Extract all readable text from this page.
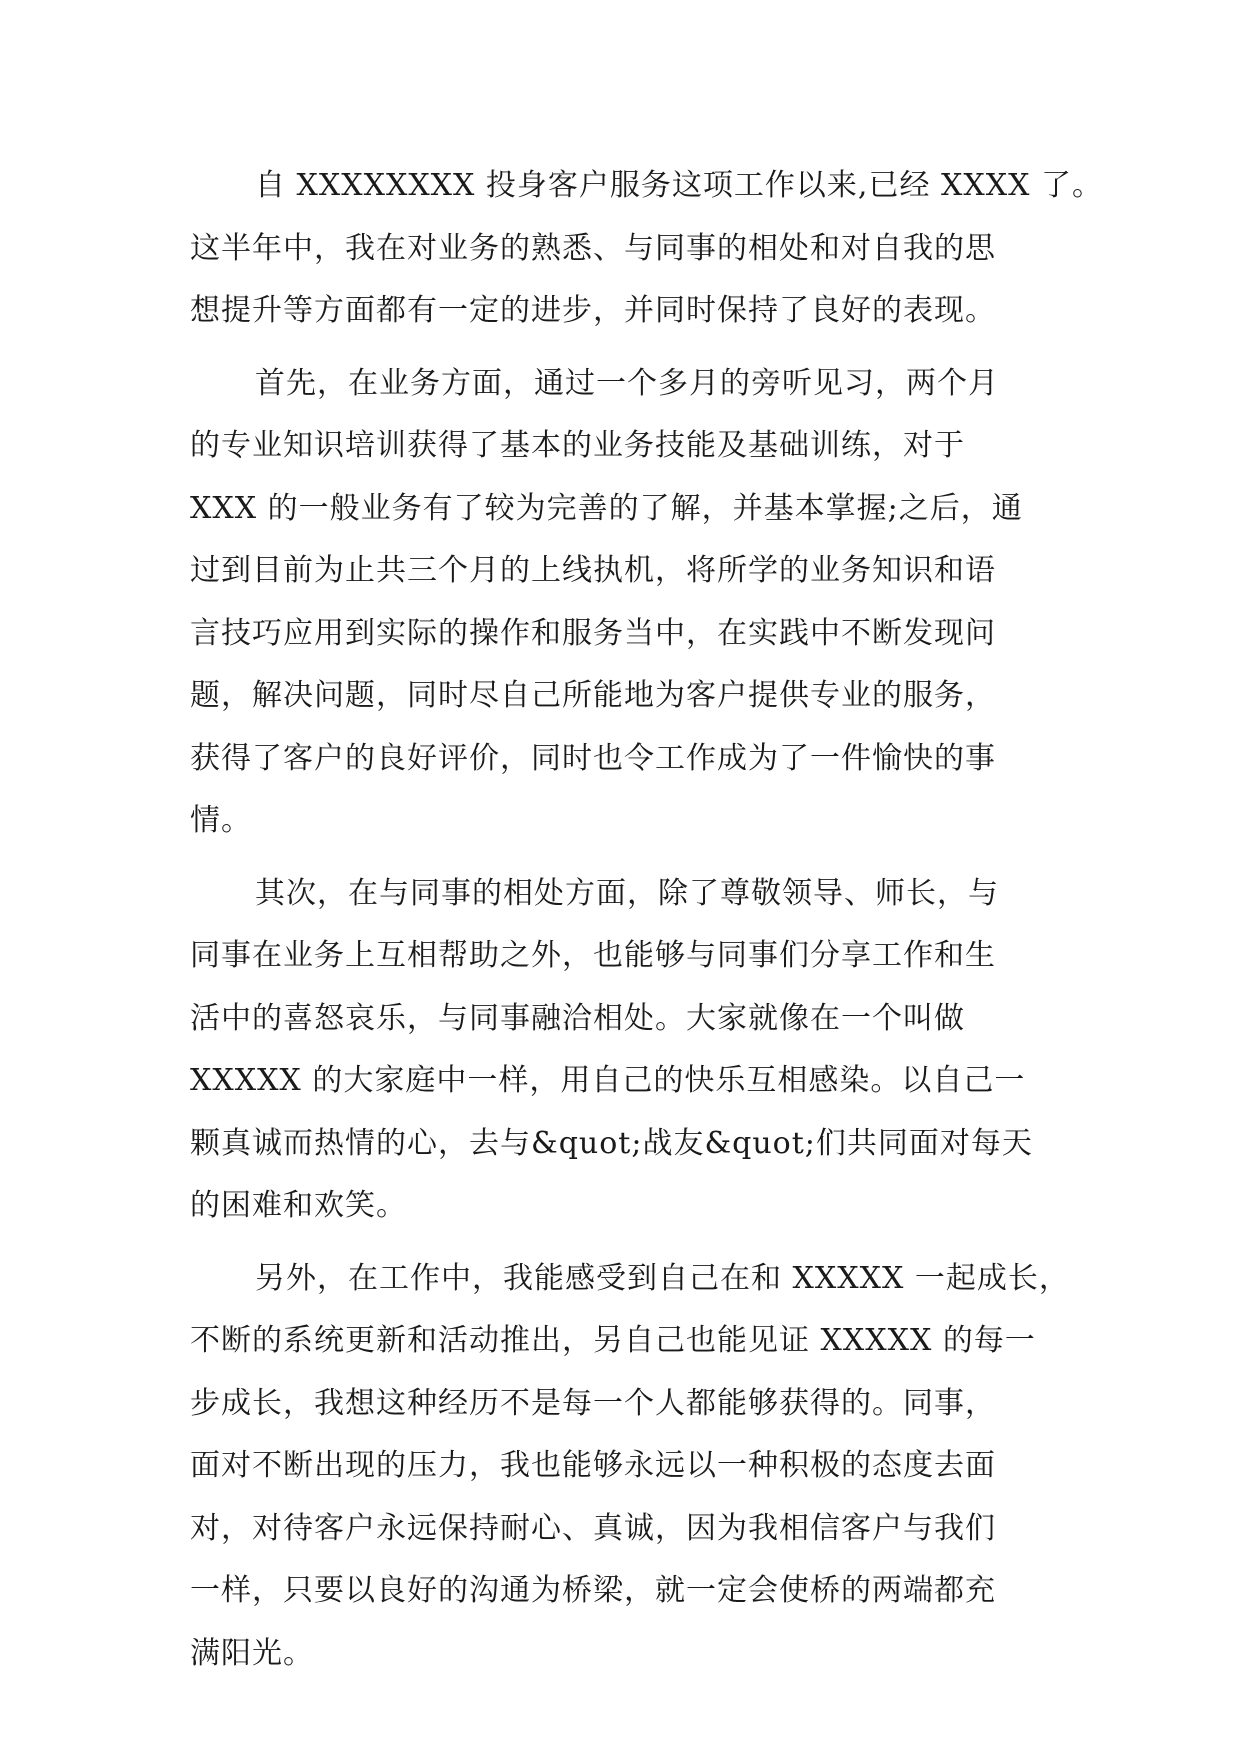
自 XXXXXXXX 投身客户服务这项工作以来,已经 XXXX 了。
这半年中，我在对业务的熟悉、与同事的相处和对自我的思
想提升等方面都有一定的进步，并同时保持了良好的表现。
首先，在业务方面，通过一个多月的旁听见习，两个月
的专业知识培训获得了基本的业务技能及基础训练，对于
XXX 的一般业务有了较为完善的了解，并基本掌握;之后，通
过到目前为止共三个月的上线执机，将所学的业务知识和语
言技巧应用到实际的操作和服务当中，在实践中不断发现问
题，解决问题，同时尽自己所能地为客户提供专业的服务，
获得了客户的良好评价，同时也令工作成为了一件愉快的事
情。
其次，在与同事的相处方面，除了尊敬领导、师长，与
同事在业务上互相帮助之外，也能够与同事们分享工作和生
活中的喜怒哀乐，与同事融洽相处。大家就像在一个叫做
XXXXX 的大家庭中一样，用自己的快乐互相感染。以自己一
颗真诚而热情的心，去与&quot;战友&quot;们共同面对每天
的困难和欢笑。
另外，在工作中，我能感受到自己在和 XXXXX 一起成长，
不断的系统更新和活动推出，另自己也能见证 XXXXX 的每一
步成长，我想这种经历不是每一个人都能够获得的。同事，
面对不断出现的压力，我也能够永远以一种积极的态度去面
对，对待客户永远保持耐心、真诚，因为我相信客户与我们
一样，只要以良好的沟通为桥梁，就一定会使桥的两端都充
满阳光。
